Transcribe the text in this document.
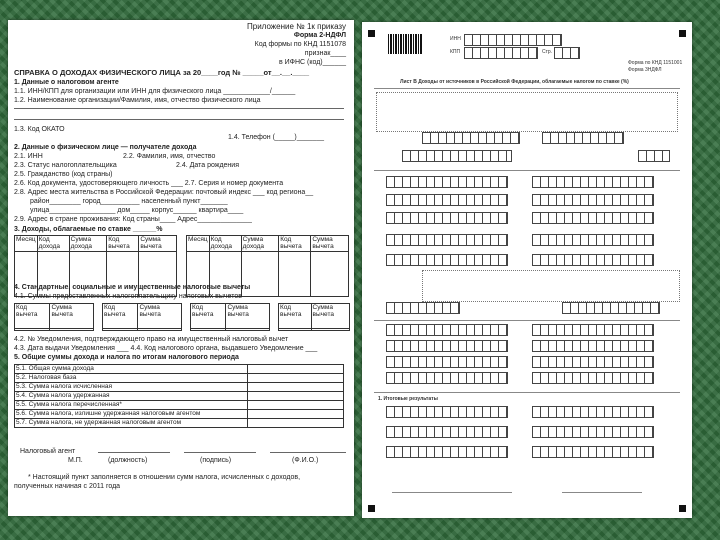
Приложение № 1к приказу
Форма 2-НДФЛ
Код формы по КНД 1151078
признак____
в ИФНС (код)______
СПРАВКА О ДОХОДАХ ФИЗИЧЕСКОГО ЛИЦА за 20____год № _____от__.__.____
1. Данные о налоговом агенте
1.1. ИНН/КПП для организации или ИНН для физического лица ____________/______
1.2. Наименование организации/Фамилия, имя, отчество физического лица
1.3. Код ОКАТО
1.4. Телефон (_____)_______
2. Данные о физическом лице — получателе дохода
2.1. ИНН	2.2. Фамилия, имя, отчество
2.3. Статус налогоплательщика	2.4. Дата рождения
2.5. Гражданство (код страны)
2.6. Код документа, удостоверяющего личность ___ 2.7. Серия и номер документа
2.8. Адрес места жительства в Российской Федерации: почтовый индекс ___ код региона__
район________ город__________ населенный пункт_______
улица_________________ дом_____ корпус______ квартира____
2.9. Адрес в стране проживания: Код страны____ Адрес______________
3. Доходы, облагаемые по ставке ______%
Месяц	Код дохода	Сумма дохода	Код вычета	Сумма вычета

Месяц	Код дохода	Сумма дохода	Код вычета	Сумма вычета

4. Стандартные, социальные и имущественные налоговые вычеты
4.1. Суммы предоставленных налогоплательщику налоговых вычетов
Код вычета	Сумма вычета

Код вычета	Сумма вычета

Код вычета	Сумма вычета

Код вычета	Сумма вычета

4.2. № Уведомления, подтверждающего право на имущественный налоговый вычет
4.3. Дата выдачи Уведомления ___ 4.4. Код налогового органа, выдавшего Уведомление ___
5. Общие суммы дохода и налога по итогам налогового периода
5.1. Общая сумма дохода	
5.2. Налоговая база	
5.3. Сумма налога исчисленная	
5.4. Сумма налога удержанная	
5.5. Сумма налога перечисленная*	
5.6. Сумма налога, излишне удержанная налоговым агентом	
5.7. Сумма налога, не удержанная налоговым агентом	
Налоговый агент
М.П.	(должность)	(подпись)	(Ф.И.О.)
* Настоящий пункт заполняется в отношении сумм налога, исчисленных с доходов,
полученных начиная с 2011 года
ИНН
КПП	Стр.
Форма по КНД 1151001
Форма 3НДФЛ
Лист В Доходы от источников в Российской Федерации, облагаемые налогом по ставке (%)
1. Итоговые результаты
